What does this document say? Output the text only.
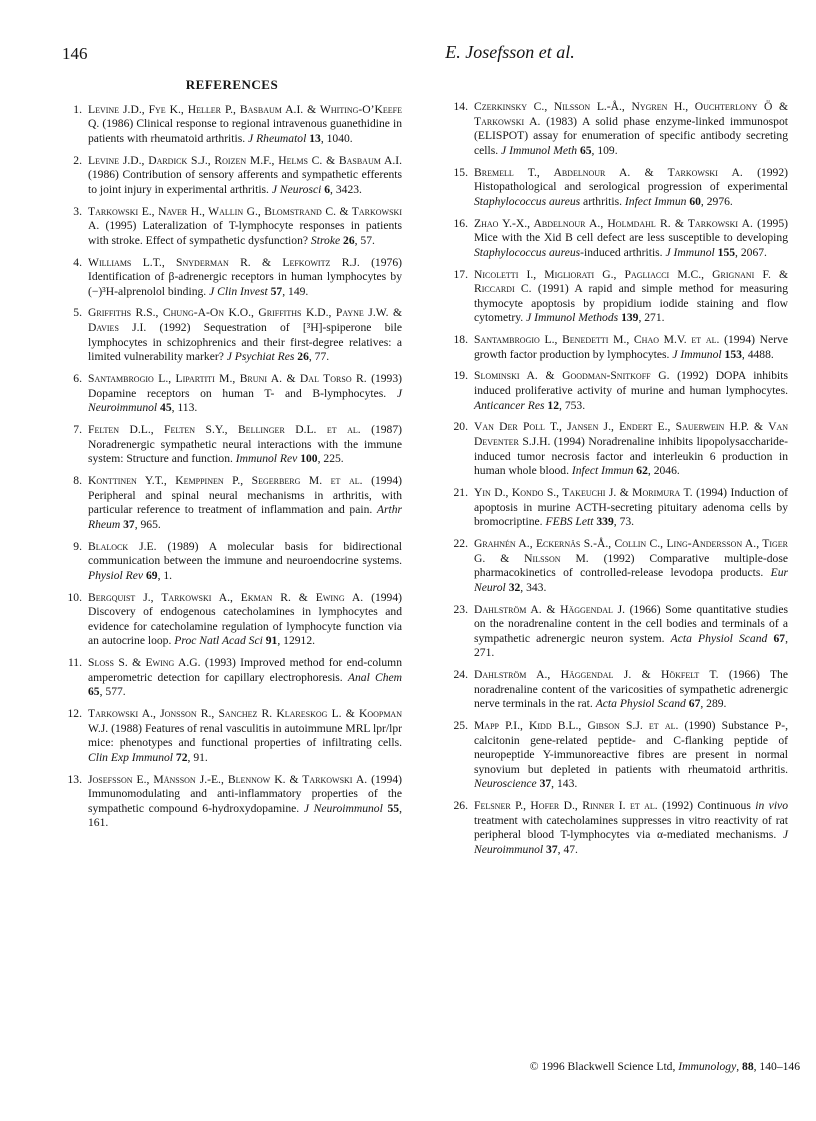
146	E. Josefsson et al.
REFERENCES
1. Levine J.D., Fye K., Heller P., Basbaum A.I. & Whiting-O’Keefe Q. (1986) Clinical response to regional intravenous guanethidine in patients with rheumatoid arthritis. J Rheumatol 13, 1040.
2. Levine J.D., Dardick S.J., Roizen M.F., Helms C. & Basbaum A.I. (1986) Contribution of sensory afferents and sympathetic efferents to joint injury in experimental arthritis. J Neurosci 6, 3423.
3. Tarkowski E., Naver H., Wallin G., Blomstrand C. & Tarkowski A. (1995) Lateralization of T-lymphocyte responses in patients with stroke. Effect of sympathetic dysfunction? Stroke 26, 57.
4. Williams L.T., Snyderman R. & Lefkowitz R.J. (1976) Identification of β-adrenergic receptors in human lymphocytes by (−)³H-alprenolol binding. J Clin Invest 57, 149.
5. Griffiths R.S., Chung-A-On K.O., Griffiths K.D., Payne J.W. & Davies J.I. (1992) Sequestration of [³H]-spiperone bile lymphocytes in schizophrenics and their first-degree relatives: a limited vulnerability marker? J Psychiat Res 26, 77.
6. Santambrogio L., Lipartiti M., Bruni A. & Dal Torso R. (1993) Dopamine receptors on human T- and B-lymphocytes. J Neuroimmunol 45, 113.
7. Felten D.L., Felten S.Y., Bellinger D.L. et al. (1987) Noradrenergic sympathetic neural interactions with the immune system: Structure and function. Immunol Rev 100, 225.
8. Konttinen Y.T., Kemppinen P., Segerberg M. et al. (1994) Peripheral and spinal neural mechanisms in arthritis, with particular reference to treatment of inflammation and pain. Arthr Rheum 37, 965.
9. Blalock J.E. (1989) A molecular basis for bidirectional communication between the immune and neuroendocrine systems. Physiol Rev 69, 1.
10. Bergquist J., Tarkowski A., Ekman R. & Ewing A. (1994) Discovery of endogenous catecholamines in lymphocytes and evidence for catecholamine regulation of lymphocyte function via an autocrine loop. Proc Natl Acad Sci 91, 12912.
11. Sloss S. & Ewing A.G. (1993) Improved method for end-column amperometric detection for capillary electrophoresis. Anal Chem 65, 577.
12. Tarkowski A., Jonsson R., Sanchez R. Klareskog L. & Koopman W.J. (1988) Features of renal vasculitis in autoimmune MRL lpr/lpr mice: phenotypes and functional properties of infiltrating cells. Clin Exp Immunol 72, 91.
13. Josefsson E., Månsson J.-E., Blennow K. & Tarkowski A. (1994) Immunomodulating and anti-inflammatory properties of the sympathetic compound 6-hydroxydopamine. J Neuroimmunol 55, 161.
14. Czerkinsky C., Nilsson L.-Å., Nygren H., Ouchterlony Ö & Tarkowski A. (1983) A solid phase enzyme-linked immunospot (ELISPOT) assay for enumeration of specific antibody secreting cells. J Immunol Meth 65, 109.
15. Bremell T., Abdelnour A. & Tarkowski A. (1992) Histopathological and serological progression of experimental Staphylococcus aureus arthritis. Infect Immun 60, 2976.
16. Zhao Y.-X., Abdelnour A., Holmdahl R. & Tarkowski A. (1995) Mice with the Xid B cell defect are less susceptible to developing Staphylococcus aureus-induced arthritis. J Immunol 155, 2067.
17. Nicoletti I., Migliorati G., Pagliacci M.C., Grignani F. & Riccardi C. (1991) A rapid and simple method for measuring thymocyte apoptosis by propidium iodide staining and flow cytometry. J Immunol Methods 139, 271.
18. Santambrogio L., Benedetti M., Chao M.V. et al. (1994) Nerve growth factor production by lymphocytes. J Immunol 153, 4488.
19. Slominski A. & Goodman-Snitkoff G. (1992) DOPA inhibits induced proliferative activity of murine and human lymphocytes. Anticancer Res 12, 753.
20. Van Der Poll T., Jansen J., Endert E., Sauerwein H.P. & Van Deventer S.J.H. (1994) Noradrenaline inhibits lipopolysaccharide-induced tumor necrosis factor and interleukin 6 production in human whole blood. Infect Immun 62, 2046.
21. Yin D., Kondo S., Takeuchi J. & Morimura T. (1994) Induction of apoptosis in murine ACTH-secreting pituitary adenoma cells by bromocriptine. FEBS Lett 339, 73.
22. Grahnén A., Eckernäs S.-Å., Collin C., Ling-Andersson A., Tiger G. & Nilsson M. (1992) Comparative multiple-dose pharmacokinetics of controlled-release levodopa products. Eur Neurol 32, 343.
23. Dahlström A. & Häggendal J. (1966) Some quantitative studies on the noradrenaline content in the cell bodies and terminals of a sympathetic adrenergic neuron system. Acta Physiol Scand 67, 271.
24. Dahlström A., Häggendal J. & Hökfelt T. (1966) The noradrenaline content of the varicosities of sympathetic adrenergic nerve terminals in the rat. Acta Physiol Scand 67, 289.
25. Mapp P.I., Kidd B.L., Gibson S.J. et al. (1990) Substance P-, calcitonin gene-related peptide- and C-flanking peptide of neuropeptide Y-immunoreactive fibres are present in normal synovium but depleted in patients with rheumatoid arthritis. Neuroscience 37, 143.
26. Felsner P., Hofer D., Rinner I. et al. (1992) Continuous in vivo treatment with catecholamines suppresses in vitro reactivity of rat peripheral blood T-lymphocytes via α-mediated mechanisms. J Neuroimmunol 37, 47.
© 1996 Blackwell Science Ltd, Immunology, 88, 140–146
